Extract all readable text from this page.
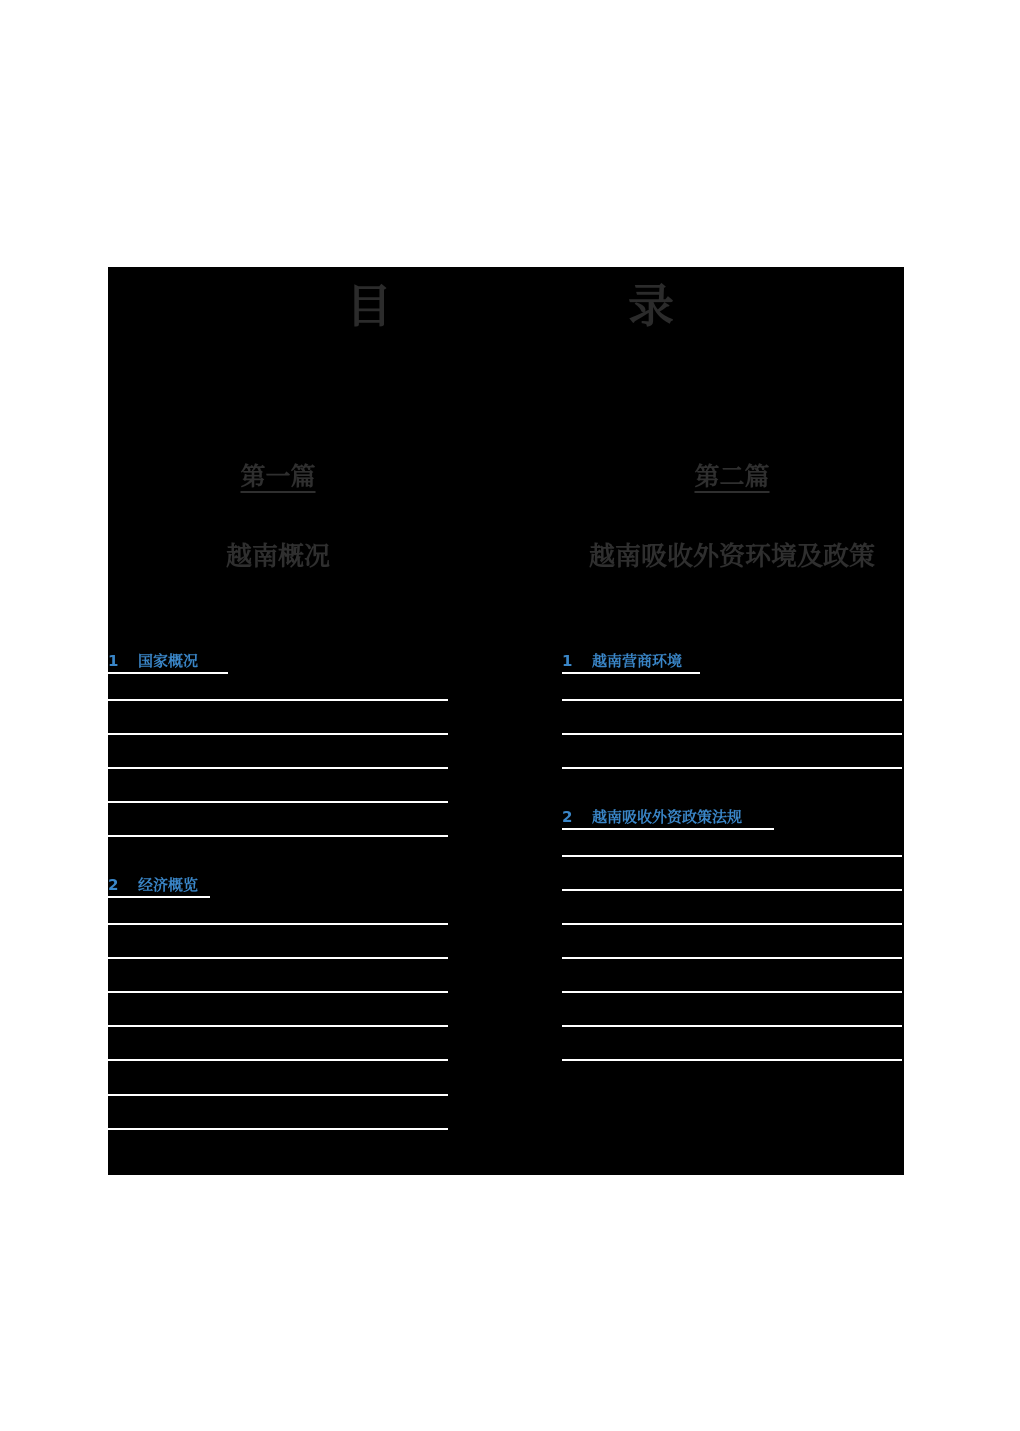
目 录
第一篇
越南概况
第二篇
越南吸收外资环境及政策
1 国家概况
2 经济概览
1 越南营商环境
2 越南吸收外资政策法规
